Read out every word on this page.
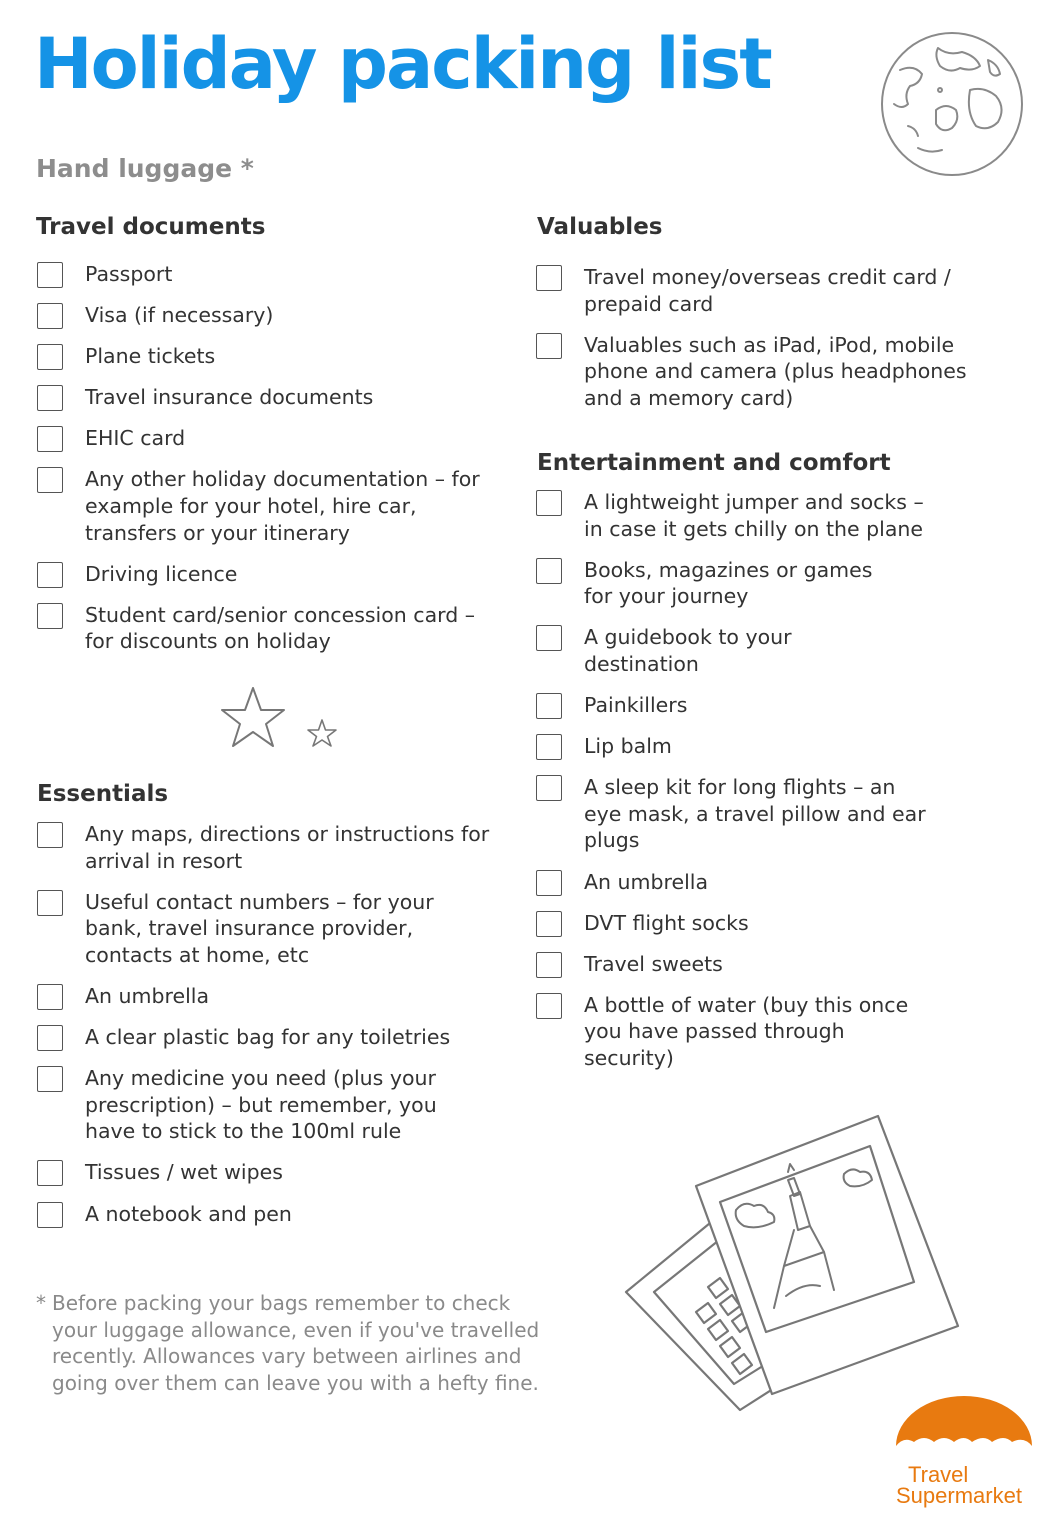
Holiday packing list
Hand luggage *
Travel documents
Passport
Visa (if necessary)
Plane tickets
Travel insurance documents
EHIC card
Any other holiday documentation – for example for your hotel, hire car, transfers or your itinerary
Driving licence
Student card/senior concession card – for discounts on holiday
Essentials
Any maps, directions or instructions for arrival in resort
Useful contact numbers – for your bank, travel insurance provider, contacts at home, etc
An umbrella
A clear plastic bag for any toiletries
Any medicine you need (plus your prescription) – but remember, you have to stick to the 100ml rule
Tissues / wet wipes
A notebook and pen
Valuables
Travel money/overseas credit card / prepaid card
Valuables such as iPad, iPod, mobile phone and camera (plus headphones and a memory card)
Entertainment and comfort
A lightweight jumper and socks – in case it gets chilly on the plane
Books, magazines or games for your journey
A guidebook to your destination
Painkillers
Lip balm
A sleep kit for long flights – an eye mask, a travel pillow and ear plugs
An umbrella
DVT flight socks
Travel sweets
A bottle of water (buy this once you have passed through security)

* Before packing your bags remember to check your luggage allowance, even if you've travelled recently. Allowances vary between airlines and going over them can leave you with a hefty fine.

Travel
Supermarket
